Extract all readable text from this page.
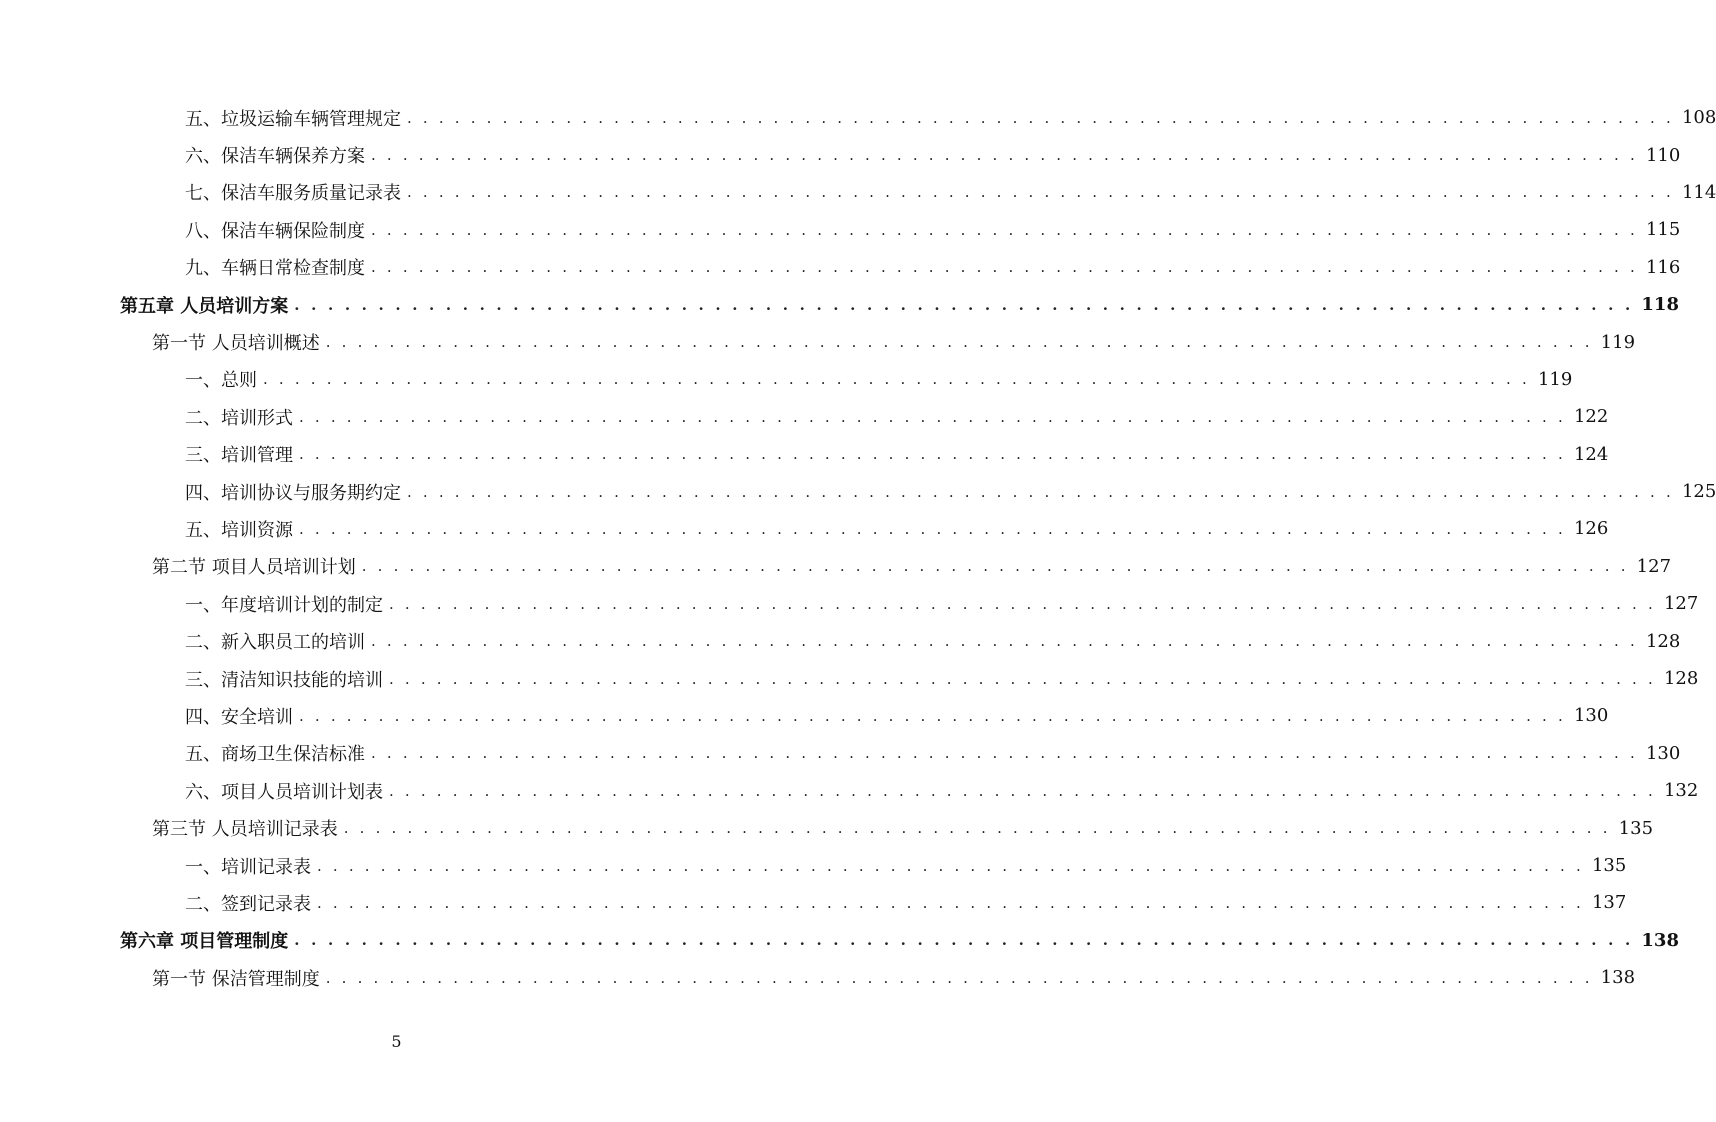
五、垃圾运输车辆管理规定 . . . . . . . . . . . . . . . . . . . . . . . . . . . . . . . . . . . . . . . . . . . . . . . . . . . . . . . . . . . . . . . . . . . . . . . . . . . . . . . . 108
六、保洁车辆保养方案 . . . . . . . . . . . . . . . . . . . . . . . . . . . . . . . . . . . . . . . . . . . . . . . . . . . . . . . . . . . . . . . . . . . . . . . . . . . . . . . . 110
七、保洁车服务质量记录表 . . . . . . . . . . . . . . . . . . . . . . . . . . . . . . . . . . . . . . . . . . . . . . . . . . . . . . . . . . . . . . . . . . . . . . . . . . . . . . . . 114
八、保洁车辆保险制度 . . . . . . . . . . . . . . . . . . . . . . . . . . . . . . . . . . . . . . . . . . . . . . . . . . . . . . . . . . . . . . . . . . . . . . . . . . . . . . . . 115
九、车辆日常检查制度 . . . . . . . . . . . . . . . . . . . . . . . . . . . . . . . . . . . . . . . . . . . . . . . . . . . . . . . . . . . . . . . . . . . . . . . . . . . . . . . . 116
第五章 人员培训方案 . . . . . . . . . . . . . . . . . . . . . . . . . . . . . . . . . . . . . . . . . . . . . . . . . . . . . . . . . . . . . . . . . . . . . . . . . . . . . . . . 118
第一节 人员培训概述 . . . . . . . . . . . . . . . . . . . . . . . . . . . . . . . . . . . . . . . . . . . . . . . . . . . . . . . . . . . . . . . . . . . . . . . . . . . . . . . . 119
一、总则 . . . . . . . . . . . . . . . . . . . . . . . . . . . . . . . . . . . . . . . . . . . . . . . . . . . . . . . . . . . . . . . . . . . . . . . . . . . . . . . . 119
二、培训形式 . . . . . . . . . . . . . . . . . . . . . . . . . . . . . . . . . . . . . . . . . . . . . . . . . . . . . . . . . . . . . . . . . . . . . . . . . . . . . . . . 122
三、培训管理 . . . . . . . . . . . . . . . . . . . . . . . . . . . . . . . . . . . . . . . . . . . . . . . . . . . . . . . . . . . . . . . . . . . . . . . . . . . . . . . . 124
四、培训协议与服务期约定 . . . . . . . . . . . . . . . . . . . . . . . . . . . . . . . . . . . . . . . . . . . . . . . . . . . . . . . . . . . . . . . . . . . . . . . . . . . . . . . . 125
五、培训资源 . . . . . . . . . . . . . . . . . . . . . . . . . . . . . . . . . . . . . . . . . . . . . . . . . . . . . . . . . . . . . . . . . . . . . . . . . . . . . . . . 126
第二节 项目人员培训计划 . . . . . . . . . . . . . . . . . . . . . . . . . . . . . . . . . . . . . . . . . . . . . . . . . . . . . . . . . . . . . . . . . . . . . . . . . . . . . . . . 127
一、年度培训计划的制定 . . . . . . . . . . . . . . . . . . . . . . . . . . . . . . . . . . . . . . . . . . . . . . . . . . . . . . . . . . . . . . . . . . . . . . . . . . . . . . . . 127
二、新入职员工的培训 . . . . . . . . . . . . . . . . . . . . . . . . . . . . . . . . . . . . . . . . . . . . . . . . . . . . . . . . . . . . . . . . . . . . . . . . . . . . . . . . 128
三、清洁知识技能的培训 . . . . . . . . . . . . . . . . . . . . . . . . . . . . . . . . . . . . . . . . . . . . . . . . . . . . . . . . . . . . . . . . . . . . . . . . . . . . . . . . 128
四、安全培训 . . . . . . . . . . . . . . . . . . . . . . . . . . . . . . . . . . . . . . . . . . . . . . . . . . . . . . . . . . . . . . . . . . . . . . . . . . . . . . . . 130
五、商场卫生保洁标准 . . . . . . . . . . . . . . . . . . . . . . . . . . . . . . . . . . . . . . . . . . . . . . . . . . . . . . . . . . . . . . . . . . . . . . . . . . . . . . . . 130
六、项目人员培训计划表 . . . . . . . . . . . . . . . . . . . . . . . . . . . . . . . . . . . . . . . . . . . . . . . . . . . . . . . . . . . . . . . . . . . . . . . . . . . . . . . . 132
第三节 人员培训记录表 . . . . . . . . . . . . . . . . . . . . . . . . . . . . . . . . . . . . . . . . . . . . . . . . . . . . . . . . . . . . . . . . . . . . . . . . . . . . . . . . 135
一、培训记录表 . . . . . . . . . . . . . . . . . . . . . . . . . . . . . . . . . . . . . . . . . . . . . . . . . . . . . . . . . . . . . . . . . . . . . . . . . . . . . . . . 135
二、签到记录表 . . . . . . . . . . . . . . . . . . . . . . . . . . . . . . . . . . . . . . . . . . . . . . . . . . . . . . . . . . . . . . . . . . . . . . . . . . . . . . . . 137
第六章 项目管理制度 . . . . . . . . . . . . . . . . . . . . . . . . . . . . . . . . . . . . . . . . . . . . . . . . . . . . . . . . . . . . . . . . . . . . . . . . . . . . . . . . 138
第一节 保洁管理制度 . . . . . . . . . . . . . . . . . . . . . . . . . . . . . . . . . . . . . . . . . . . . . . . . . . . . . . . . . . . . . . . . . . . . . . . . . . . . . . . . 138
5
